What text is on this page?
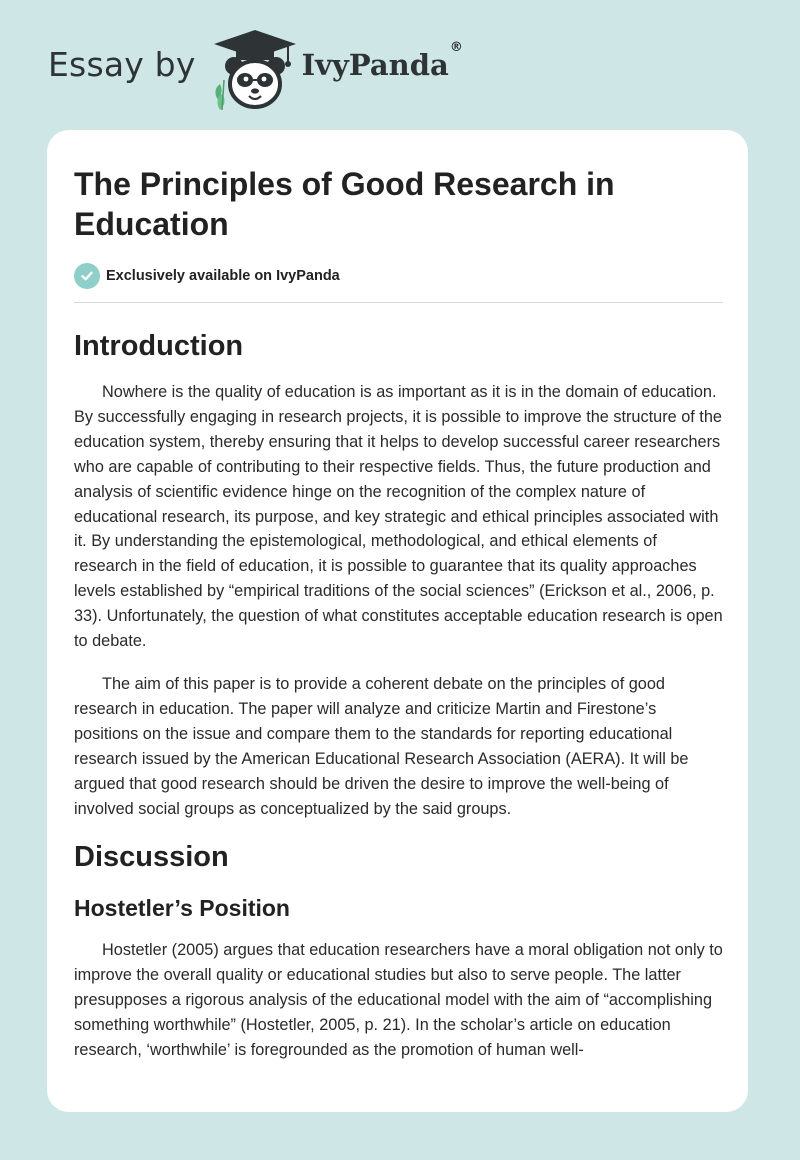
Essay by	IvyPanda®
The Principles of Good Research in Education
Exclusively available on IvyPanda
Introduction

Nowhere is the quality of education is as important as it is in the domain of education. By successfully engaging in research projects, it is possible to improve the structure of the education system, thereby ensuring that it helps to develop successful career researchers who are capable of contributing to their respective fields. Thus, the future production and analysis of scientific evidence hinge on the recognition of the complex nature of educational research, its purpose, and key strategic and ethical principles associated with it. By understanding the epistemological, methodological, and ethical elements of research in the field of education, it is possible to guarantee that its quality approaches levels established by “empirical traditions of the social sciences” (Erickson et al., 2006, p. 33). Unfortunately, the question of what constitutes acceptable education research is open to debate.

The aim of this paper is to provide a coherent debate on the principles of good research in education. The paper will analyze and criticize Martin and Firestone’s positions on the issue and compare them to the standards for reporting educational research issued by the American Educational Research Association (AERA). It will be argued that good research should be driven the desire to improve the well-being of involved social groups as conceptualized by the said groups.

Discussion
Hostetler’s Position

Hostetler (2005) argues that education researchers have a moral obligation not only to improve the overall quality or educational studies but also to serve people. The latter presupposes a rigorous analysis of the educational model with the aim of “accomplishing something worthwhile” (Hostetler, 2005, p. 21). In the scholar’s article on education research, ‘worthwhile’ is foregrounded as the promotion of human well-
